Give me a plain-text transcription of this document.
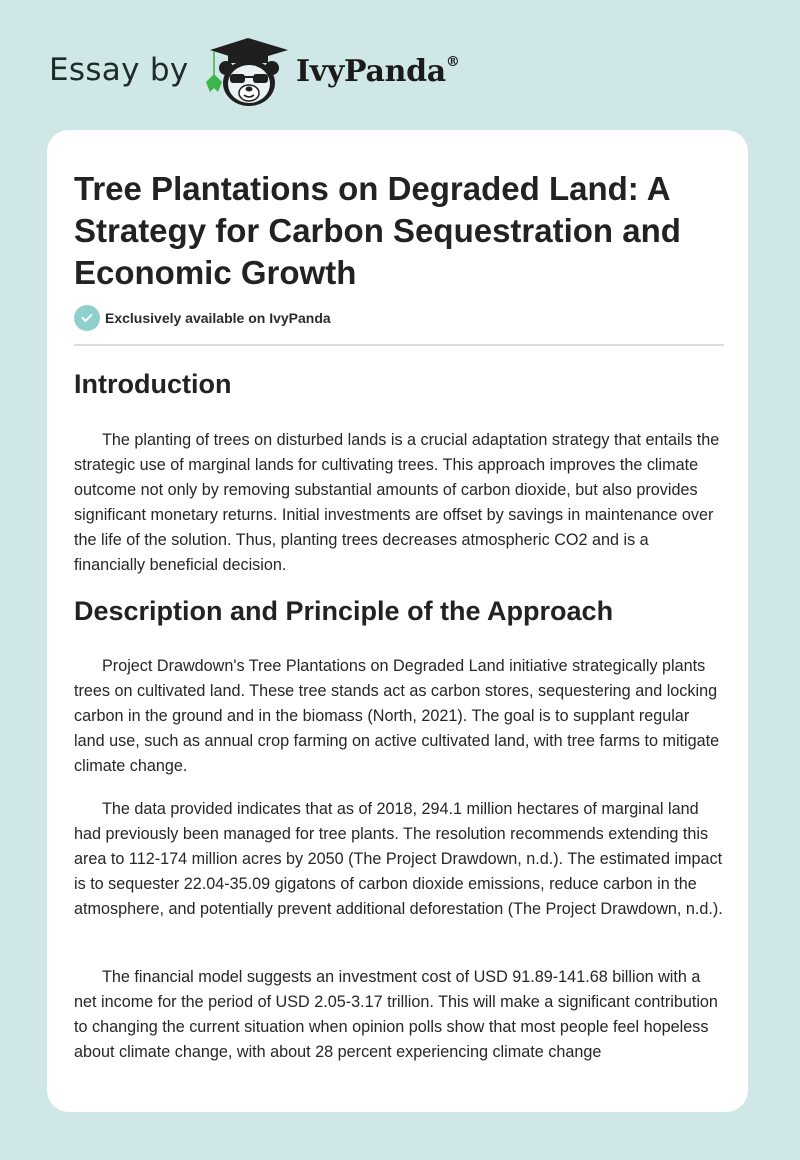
Essay by	IvyPanda®
Tree Plantations on Degraded Land: A Strategy for Carbon Sequestration and Economic Growth
Exclusively available on IvyPanda
Introduction

The planting of trees on disturbed lands is a crucial adaptation strategy that entails the strategic use of marginal lands for cultivating trees. This approach improves the climate outcome not only by removing substantial amounts of carbon dioxide, but also provides significant monetary returns. Initial investments are offset by savings in maintenance over the life of the solution. Thus, planting trees decreases atmospheric CO2 and is a financially beneficial decision.

Description and Principle of the Approach

Project Drawdown's Tree Plantations on Degraded Land initiative strategically plants trees on cultivated land. These tree stands act as carbon stores, sequestering and locking carbon in the ground and in the biomass (North, 2021). The goal is to supplant regular land use, such as annual crop farming on active cultivated land, with tree farms to mitigate climate change.

The data provided indicates that as of 2018, 294.1 million hectares of marginal land had previously been managed for tree plants. The resolution recommends extending this area to 112-174 million acres by 2050 (The Project Drawdown, n.d.). The estimated impact is to sequester 22.04-35.09 gigatons of carbon dioxide emissions, reduce carbon in the atmosphere, and potentially prevent additional deforestation (The Project Drawdown, n.d.).

The financial model suggests an investment cost of USD 91.89-141.68 billion with a net income for the period of USD 2.05-3.17 trillion. This will make a significant contribution to changing the current situation when opinion polls show that most people feel hopeless about climate change, with about 28 percent experiencing climate change
